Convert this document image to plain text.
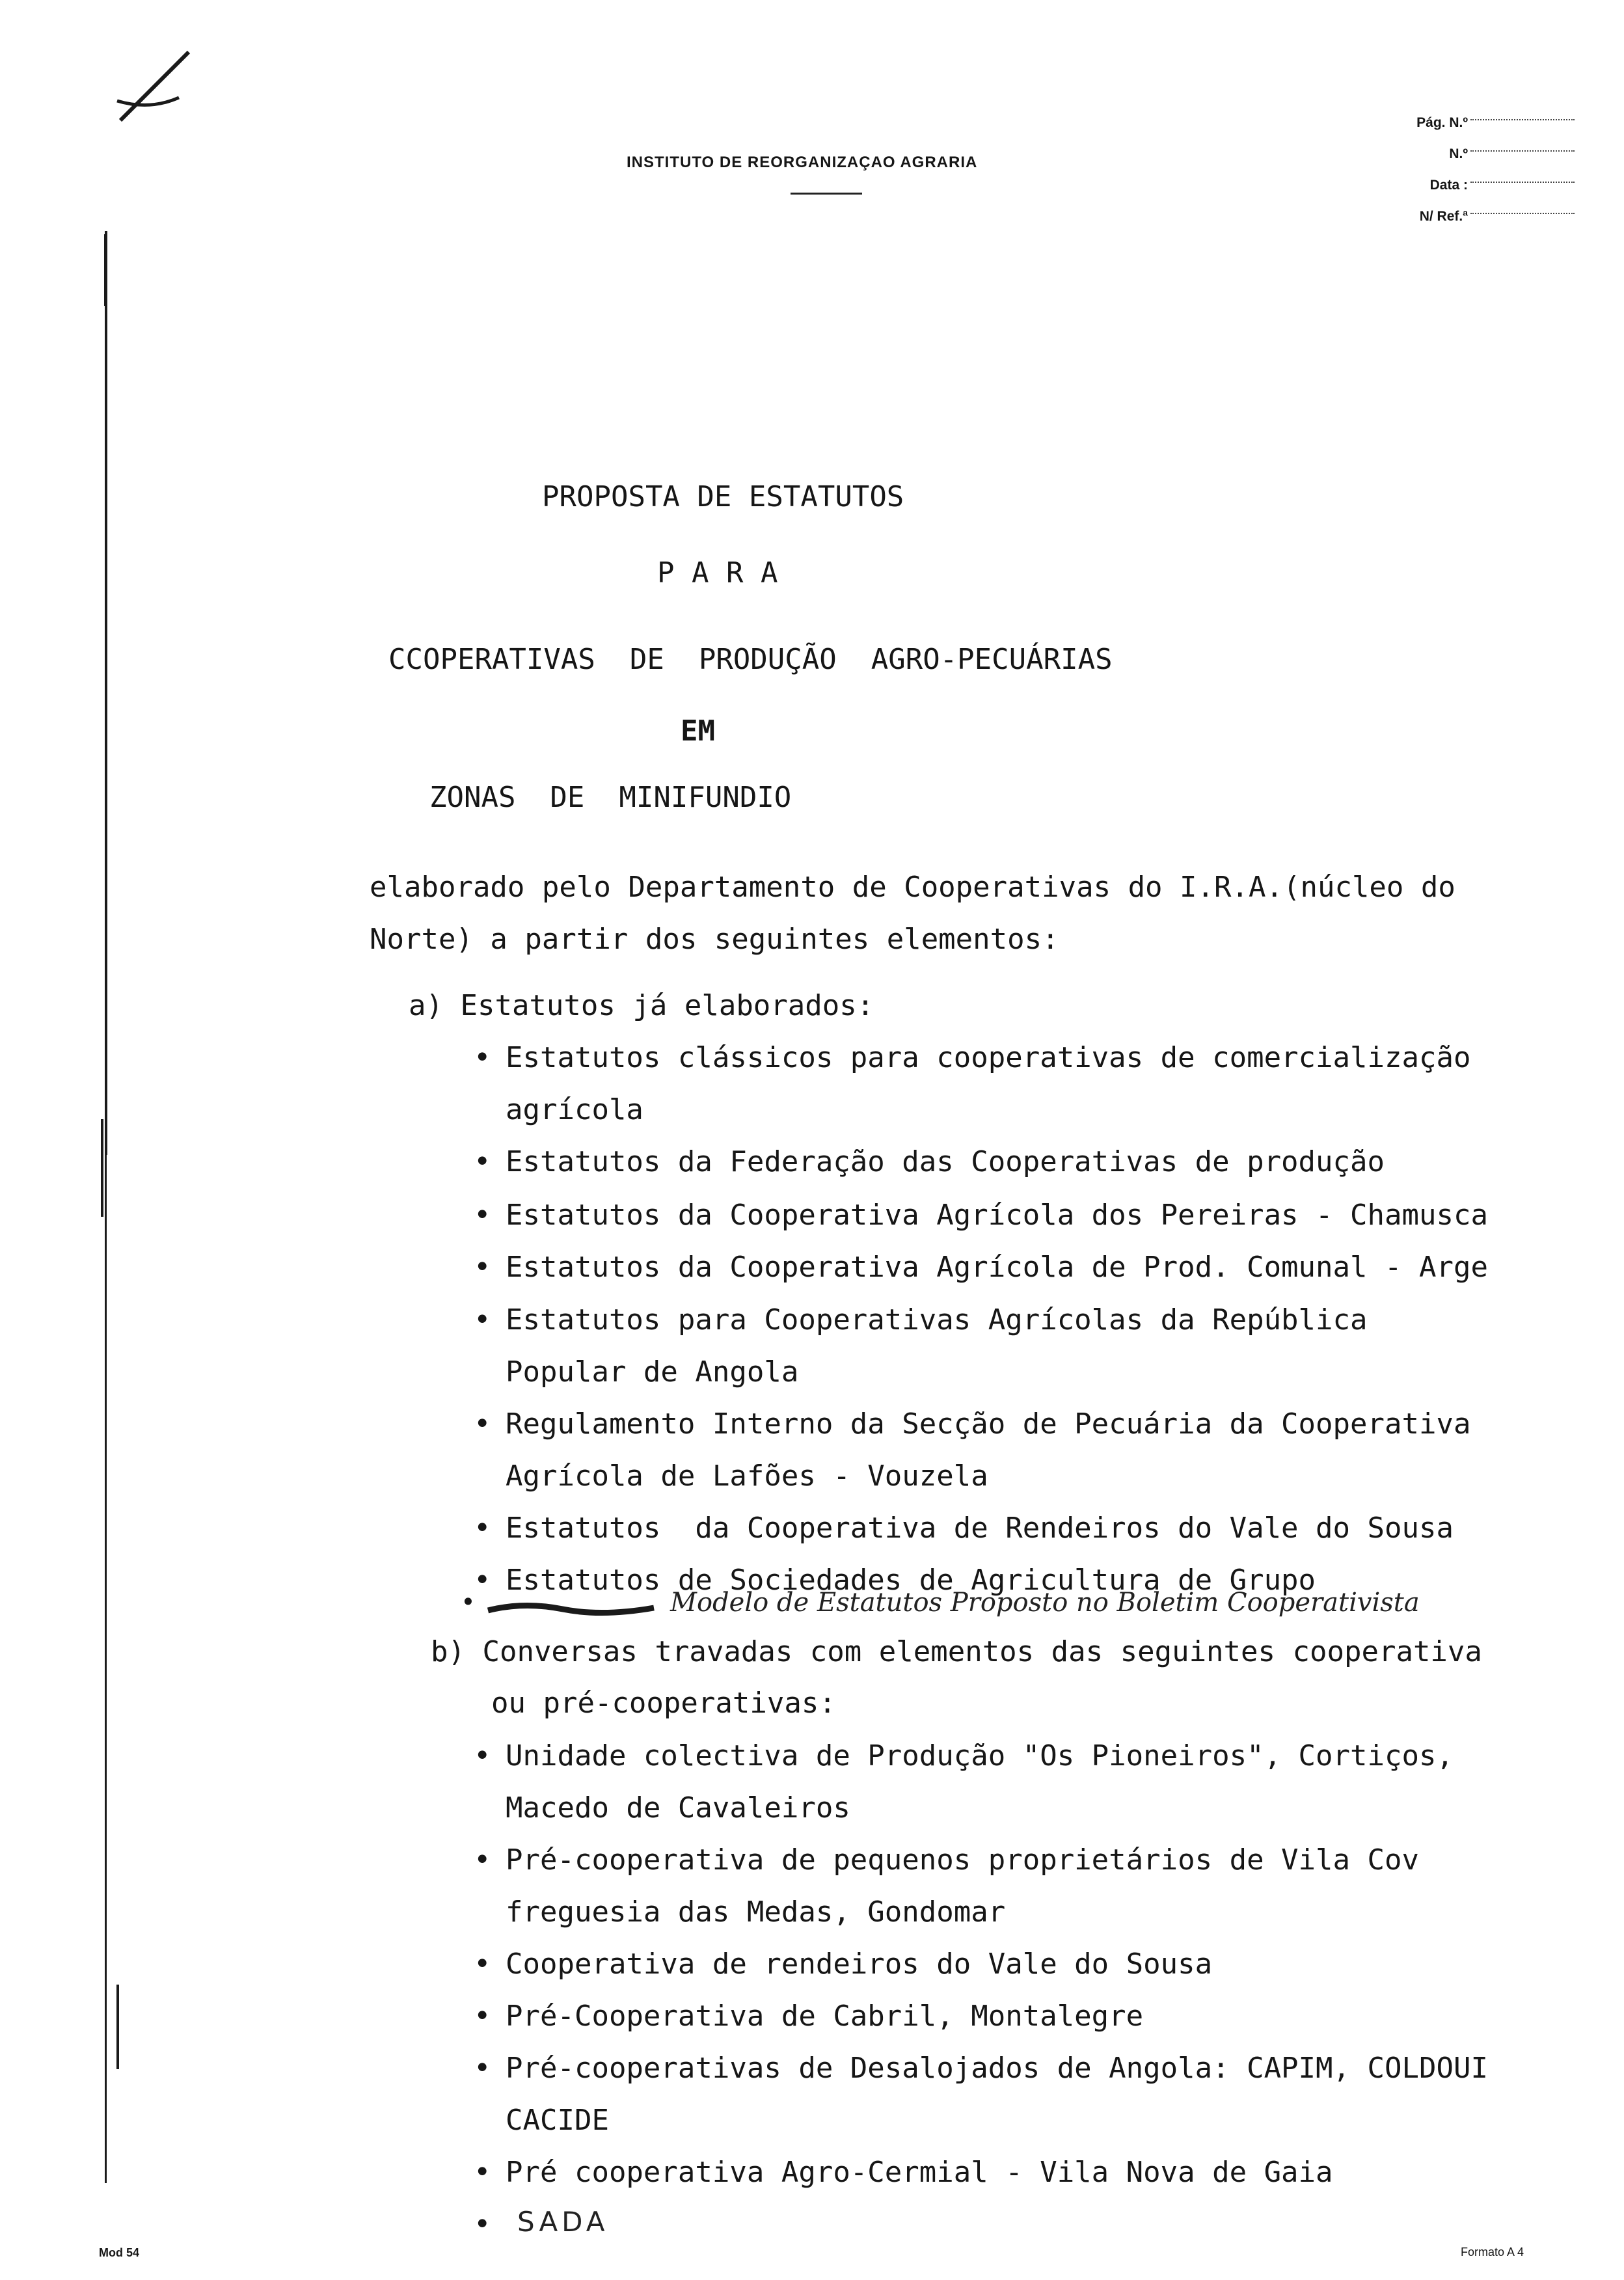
INSTITUTO DE REORGANIZAÇAO AGRARIA
Pág. N.º
N.º
Data :
N/ Ref.ª
PROPOSTA DE ESTATUTOS
P A R A
CCOPERATIVAS  DE  PRODUÇÃO  AGRO-PECUÁRIAS
EM
ZONAS  DE  MINIFUNDIO
elaborado pelo Departamento de Cooperativas do I.R.A.(núcleo do
Norte) a partir dos seguintes elementos:
a) Estatutos já elaborados:
• Estatutos clássicos para cooperativas de comercialização
agrícola
• Estatutos da Federação das Cooperativas de produção
• Estatutos da Cooperativa Agrícola dos Pereiras - Chamusca
• Estatutos da Cooperativa Agrícola de Prod. Comunal - Arge
• Estatutos para Cooperativas Agrícolas da República
Popular de Angola
• Regulamento Interno da Secção de Pecuária da Cooperativa
Agrícola de Lafões - Vouzela
• Estatutos  da Cooperativa de Rendeiros do Vale do Sousa
• Estatutos de Sociedades de Agricultura de Grupo
•	Modelo de Estatutos Proposto no Boletim Cooperativista
b) Conversas travadas com elementos das seguintes cooperativa
ou pré-cooperativas:
• Unidade colectiva de Produção "Os Pioneiros", Cortiços,
Macedo de Cavaleiros
• Pré-cooperativa de pequenos proprietários de Vila Cov
freguesia das Medas, Gondomar
• Cooperativa de rendeiros do Vale do Sousa
• Pré-Cooperativa de Cabril, Montalegre
• Pré-cooperativas de Desalojados de Angola: CAPIM, COLDOUI
CACIDE
• Pré cooperativa Agro-Cermial - Vila Nova de Gaia
• SADA
Mod 54	Formato A 4
